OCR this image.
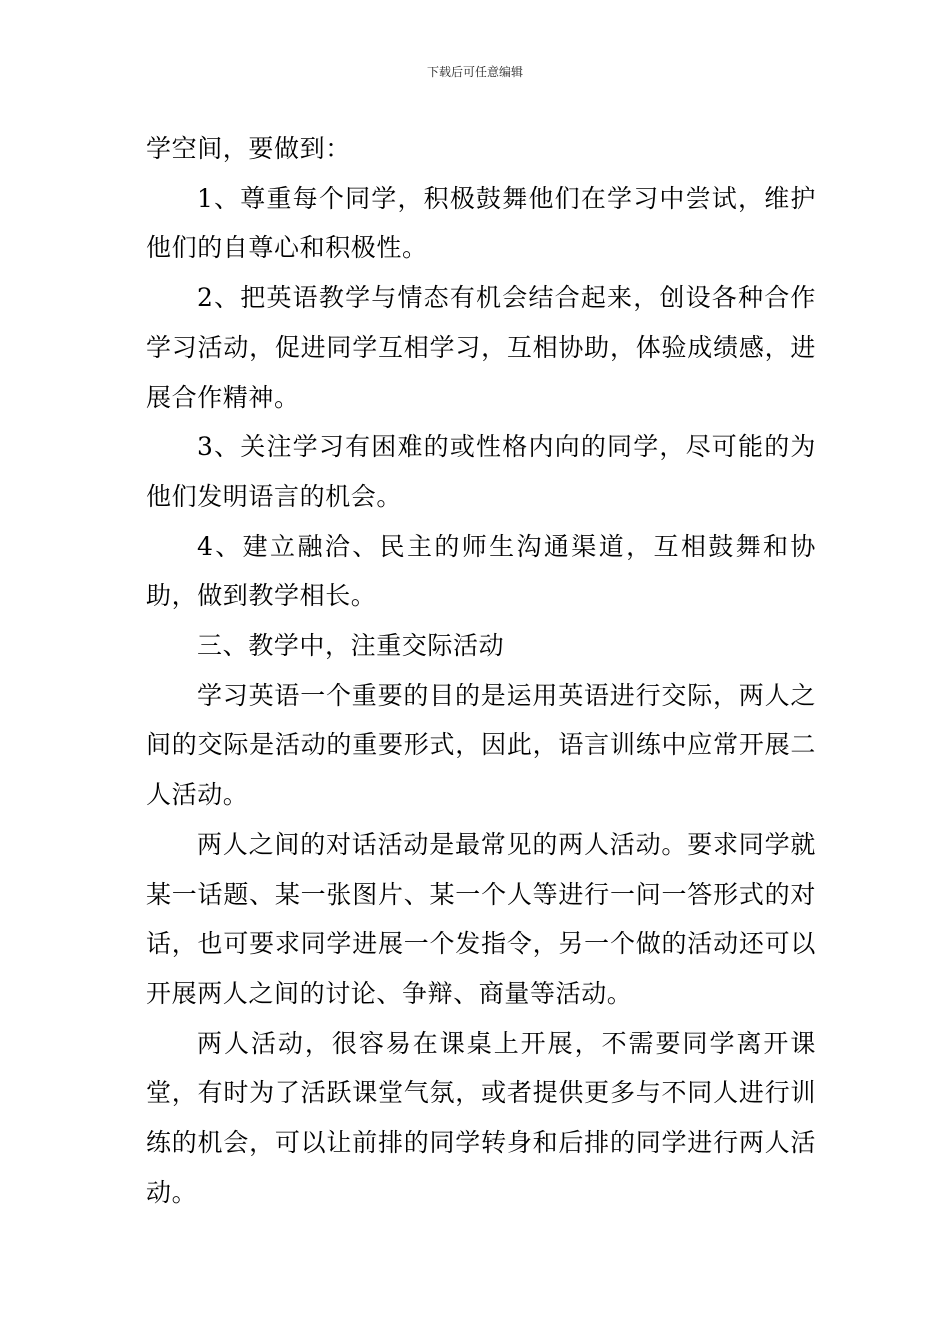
下载后可任意编辑

学空间，要做到：

1、尊重每个同学，积极鼓舞他们在学习中尝试，维护他们的自尊心和积极性。

2、把英语教学与情态有机会结合起来，创设各种合作学习活动，促进同学互相学习，互相协助，体验成绩感，进展合作精神。

3、关注学习有困难的或性格内向的同学，尽可能的为他们发明语言的机会。

4、建立融洽、民主的师生沟通渠道，互相鼓舞和协助，做到教学相长。

三、教学中，注重交际活动

学习英语一个重要的目的是运用英语进行交际，两人之间的交际是活动的重要形式，因此，语言训练中应常开展二人活动。

两人之间的对话活动是最常见的两人活动。要求同学就某一话题、某一张图片、某一个人等进行一问一答形式的对话，也可要求同学进展一个发指令，另一个做的活动还可以开展两人之间的讨论、争辩、商量等活动。

两人活动，很容易在课桌上开展，不需要同学离开课堂，有时为了活跃课堂气氛，或者提供更多与不同人进行训练的机会，可以让前排的同学转身和后排的同学进行两人活动。
